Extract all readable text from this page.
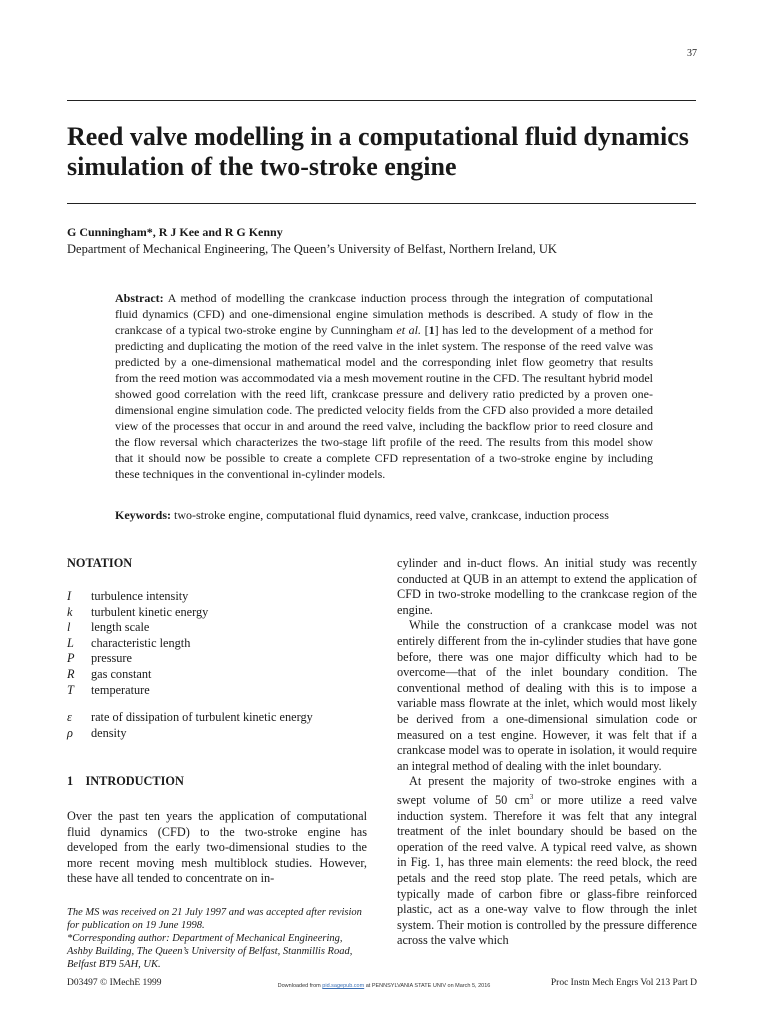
37
Reed valve modelling in a computational fluid dynamics simulation of the two-stroke engine
G Cunningham*, R J Kee and R G Kenny
Department of Mechanical Engineering, The Queen’s University of Belfast, Northern Ireland, UK
Abstract: A method of modelling the crankcase induction process through the integration of computational fluid dynamics (CFD) and one-dimensional engine simulation methods is described. A study of flow in the crankcase of a typical two-stroke engine by Cunningham et al. [1] has led to the development of a method for predicting and duplicating the motion of the reed valve in the inlet system. The response of the reed valve was predicted by a one-dimensional mathematical model and the corresponding inlet flow geometry that results from the reed motion was accommodated via a mesh movement routine in the CFD. The resultant hybrid model showed good correlation with the reed lift, crankcase pressure and delivery ratio predicted by a proven one-dimensional engine simulation code. The predicted velocity fields from the CFD also provided a more detailed view of the processes that occur in and around the reed valve, including the backflow prior to reed closure and the flow reversal which characterizes the two-stage lift profile of the reed. The results from this model show that it should now be possible to create a complete CFD representation of a two-stroke engine by including these techniques in the conventional in-cylinder models.
Keywords: two-stroke engine, computational fluid dynamics, reed valve, crankcase, induction process
NOTATION
I	turbulence intensity
k	turbulent kinetic energy
l	length scale
L	characteristic length
P	pressure
R	gas constant
T	temperature
ε	rate of dissipation of turbulent kinetic energy
ρ	density
1    INTRODUCTION
Over the past ten years the application of computational fluid dynamics (CFD) to the two-stroke engine has developed from the early two-dimensional studies to the more recent moving mesh multiblock studies. However, these have all tended to concentrate on in-
cylinder and in-duct flows. An initial study was recently conducted at QUB in an attempt to extend the application of CFD in two-stroke modelling to the crankcase region of the engine.
While the construction of a crankcase model was not entirely different from the in-cylinder studies that have gone before, there was one major difficulty which had to be overcome—that of the inlet boundary condition. The conventional method of dealing with this is to impose a variable mass flowrate at the inlet, which would most likely be derived from a one-dimensional simulation code or measured on a test engine. However, it was felt that if a crankcase model was to operate in isolation, it would require an integral method of dealing with the inlet boundary.
At present the majority of two-stroke engines with a swept volume of 50 $cm^3$ or more utilize a reed valve induction system. Therefore it was felt that any integral treatment of the inlet boundary should be based on the operation of the reed valve. A typical reed valve, as shown in Fig. 1, has three main elements: the reed block, the reed petals and the reed stop plate. The reed petals, which are typically made of carbon fibre or glass-fibre reinforced plastic, act as a one-way valve to flow through the inlet system. Their motion is controlled by the pressure difference across the valve which
The MS was received on 21 July 1997 and was accepted after revision for publication on 19 June 1998.
*Corresponding author: Department of Mechanical Engineering, Ashby Building, The Queen’s University of Belfast, Stanmillis Road, Belfast BT9 5AH, UK.
D03497 © IMechE 1999	Proc Instn Mech Engrs Vol 213 Part D
Downloaded from pid.sagepub.com at PENNSYLVANIA STATE UNIV on March 5, 2016
